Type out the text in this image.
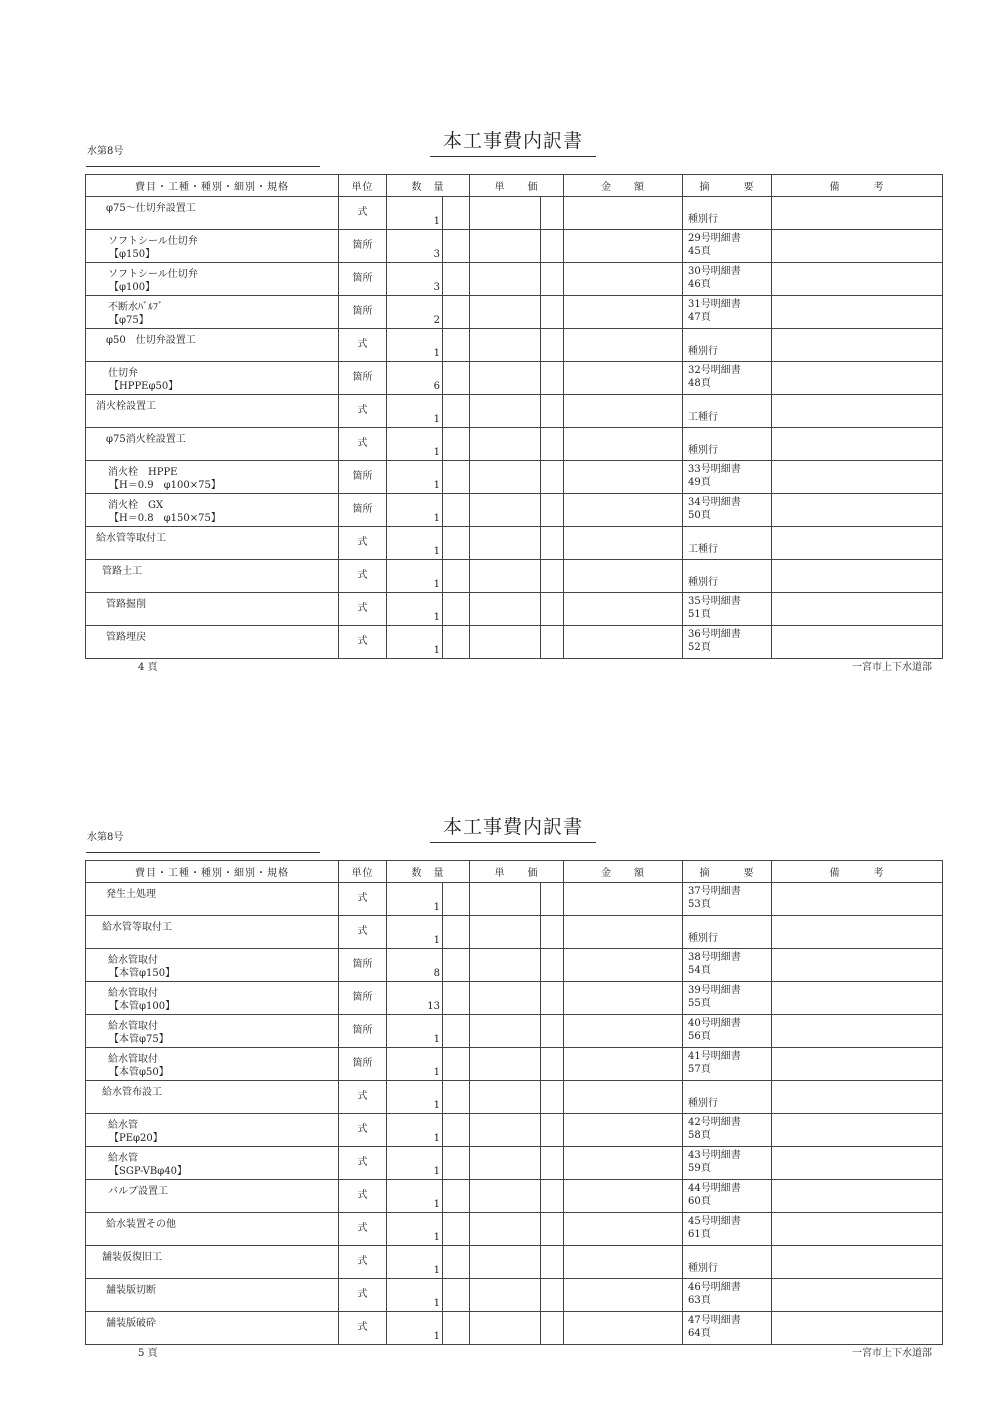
水第8号	本工事費内訳書
費目・工種・種別・細別・規格	単位	数　量		単　　価		金　　額	摘　　　要	備　　　考

φ75～仕切弁設置工	式	1					種別行	

ソフトシール仕切弁
【φ150】	箇所	3					29号明細書
45頁	

ソフトシール仕切弁
【φ100】	箇所	3					30号明細書
46頁	

不断水ﾊﾞﾙﾌﾞ
【φ75】	箇所	2					31号明細書
47頁	

φ50　仕切弁設置工	式	1					種別行	

仕切弁
【HPPEφ50】	箇所	6					32号明細書
48頁	

消火栓設置工	式	1					工種行	

φ75消火栓設置工	式	1					種別行	

消火栓　HPPE
【H＝0.9　φ100×75】	箇所	1					33号明細書
49頁	

消火栓　GX
【H＝0.8　φ150×75】	箇所	1					34号明細書
50頁	

給水管等取付工	式	1					工種行	

管路土工	式	1					種別行	

管路掘削	式	1					35号明細書
51頁	

管路埋戻	式	1					36号明細書
52頁	

4 頁	一宮市上下水道部
水第8号	本工事費内訳書
費目・工種・種別・細別・規格	単位	数　量		単　　価		金　　額	摘　　　要	備　　　考

発生土処理	式	1					37号明細書
53頁	

給水管等取付工	式	1					種別行	

給水管取付
【本管φ150】	箇所	8					38号明細書
54頁	

給水管取付
【本管φ100】	箇所	13					39号明細書
55頁	

給水管取付
【本管φ75】	箇所	1					40号明細書
56頁	

給水管取付
【本管φ50】	箇所	1					41号明細書
57頁	

給水管布設工	式	1					種別行	

給水管
【PEφ20】	式	1					42号明細書
58頁	

給水管
【SGP-VBφ40】	式	1					43号明細書
59頁	

バルブ設置工	式	1					44号明細書
60頁	

給水装置その他	式	1					45号明細書
61頁	

舗装仮復旧工	式	1					種別行	

舗装版切断	式	1					46号明細書
63頁	

舗装版破砕	式	1					47号明細書
64頁	

5 頁	一宮市上下水道部
